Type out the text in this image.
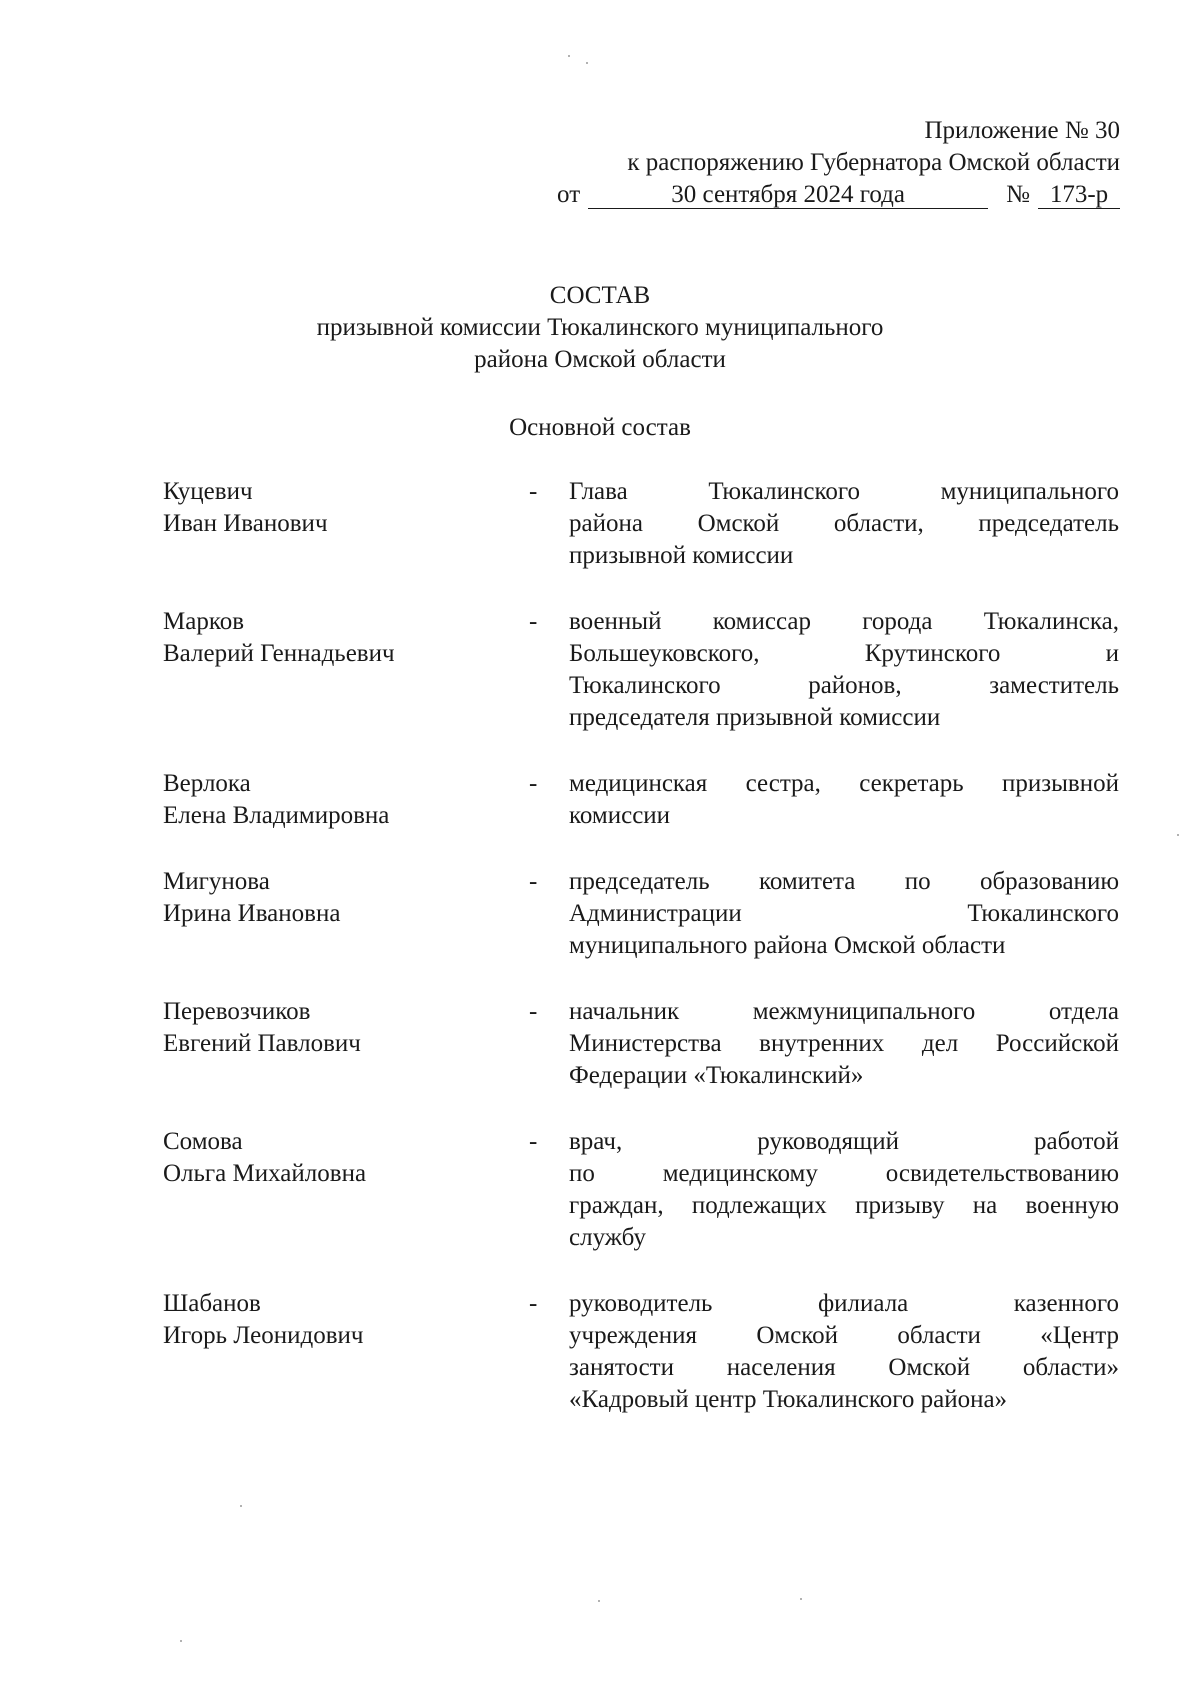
Приложение № 30
к распоряжению Губернатора Омской области
от	30 сентября 2024 года	№ 173-р
СОСТАВ
призывной комиссии Тюкалинского муниципального
района Омской области
Основной состав
Куцевич
Иван Иванович
- Глава Тюкалинского муниципального
района Омской области, председатель
призывной комиссии
Марков
Валерий Геннадьевич
- военный комиссар города Тюкалинска,
Большеуковского, Крутинского и
Тюкалинского районов, заместитель
председателя призывной комиссии
Верлока
Елена Владимировна
- медицинская сестра, секретарь призывной
комиссии
Мигунова
Ирина Ивановна
- председатель комитета по образованию
Администрации Тюкалинского
муниципального района Омской области
Перевозчиков
Евгений Павлович
- начальник межмуниципального отдела
Министерства внутренних дел Российской
Федерации «Тюкалинский»
Сомова
Ольга Михайловна
- врач, руководящий работой
по медицинскому освидетельствованию
граждан, подлежащих призыву на военную
службу
Шабанов
Игорь Леонидович
- руководитель филиала казенного
учреждения Омской области «Центр
занятости населения Омской области»
«Кадровый центр Тюкалинского района»
